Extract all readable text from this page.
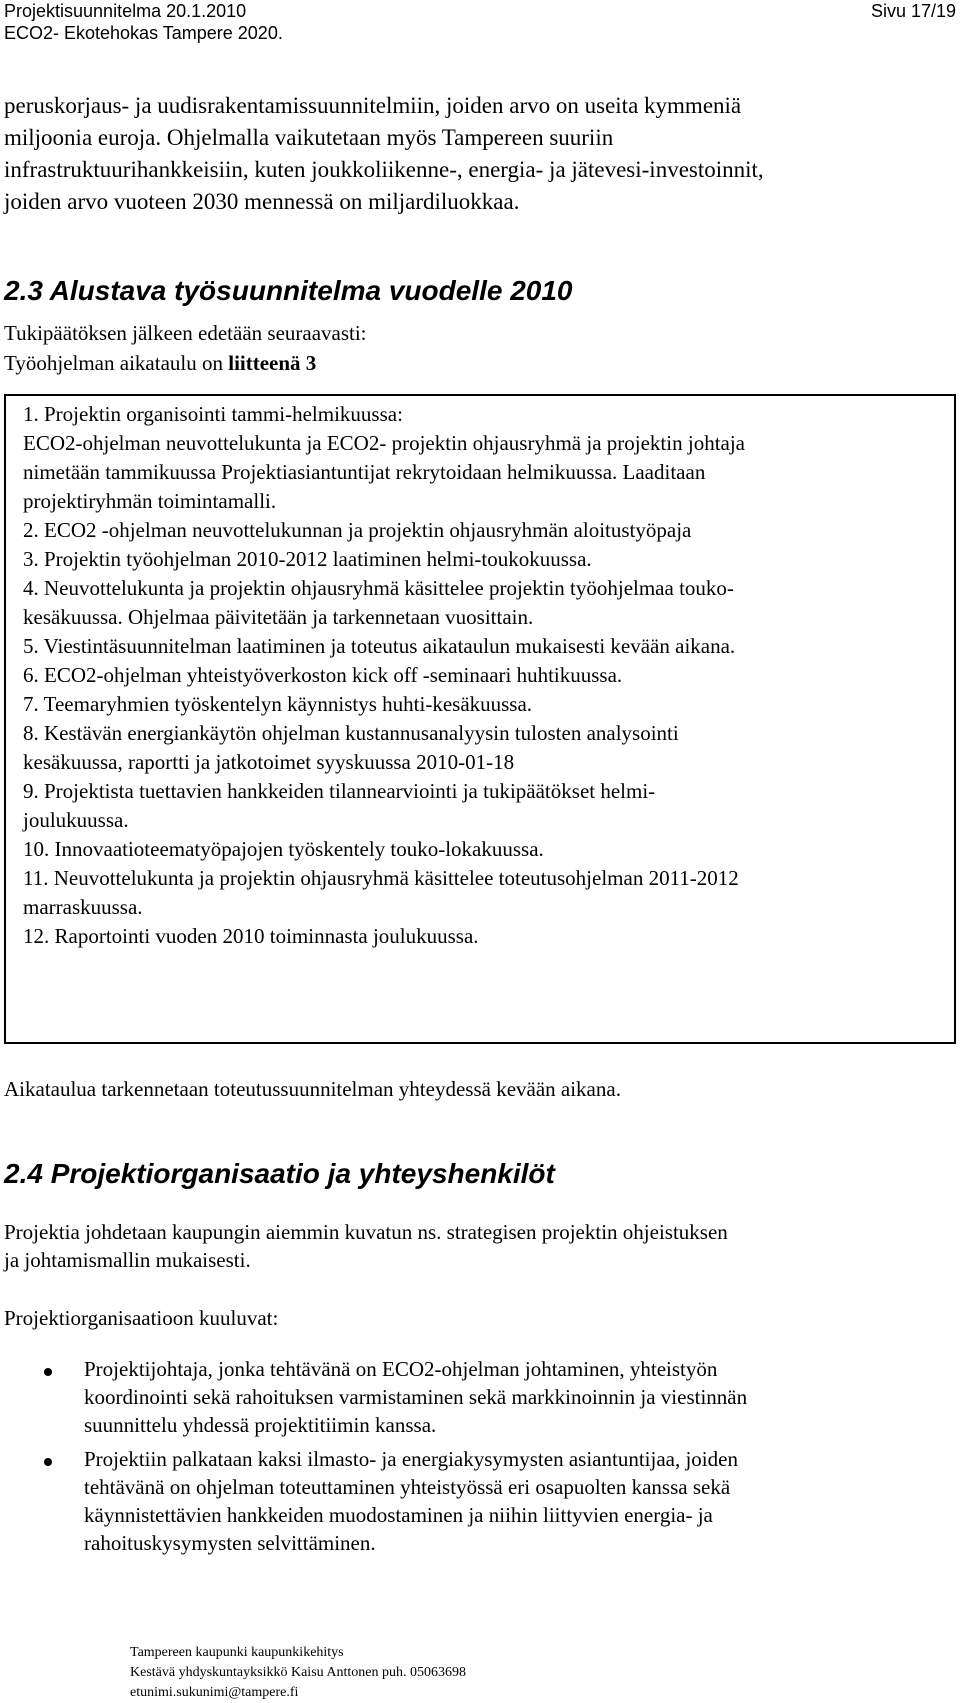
Projektisuunnitelma 20.1.2010	Sivu 17/19
ECO2- Ekotehokas Tampere 2020.
peruskorjaus- ja uudisrakentamissuunnitelmiin, joiden arvo on useita kymmeniä
miljoonia euroja. Ohjelmalla vaikutetaan myös Tampereen suuriin
infrastruktuurihankkeisiin, kuten joukkoliikenne-, energia- ja jätevesi-investoinnit,
joiden arvo vuoteen 2030 mennessä on miljardiluokkaa.
2.3 Alustava työsuunnitelma vuodelle 2010
Tukipäätöksen jälkeen edetään seuraavasti:
Työohjelman aikataulu on liitteenä 3
1. Projektin organisointi tammi-helmikuussa:
ECO2-ohjelman neuvottelukunta ja ECO2- projektin ohjausryhmä ja projektin johtaja
nimetään tammikuussa Projektiasiantuntijat rekrytoidaan helmikuussa. Laaditaan
projektiryhmän toimintamalli.
2. ECO2 -ohjelman neuvottelukunnan ja projektin ohjausryhmän aloitustyöpaja
3. Projektin työohjelman 2010-2012 laatiminen helmi-toukokuussa.
4. Neuvottelukunta ja projektin ohjausryhmä käsittelee projektin työohjelmaa touko-
kesäkuussa. Ohjelmaa päivitetään ja tarkennetaan vuosittain.
5. Viestintäsuunnitelman laatiminen ja toteutus aikataulun mukaisesti kevään aikana.
6. ECO2-ohjelman yhteistyöverkoston kick off -seminaari huhtikuussa.
7. Teemaryhmien työskentelyn käynnistys huhti-kesäkuussa.
8. Kestävän energiankäytön ohjelman kustannusanalyysin tulosten analysointi
kesäkuussa, raportti ja jatkotoimet syyskuussa 2010-01-18
9. Projektista tuettavien hankkeiden tilannearviointi ja tukipäätökset helmi-
joulukuussa.
10. Innovaatioteematyöpajojen työskentely touko-lokakuussa.
11. Neuvottelukunta ja projektin ohjausryhmä käsittelee toteutusohjelman 2011-2012
marraskuussa.
12. Raportointi vuoden 2010 toiminnasta joulukuussa.
Aikataulua tarkennetaan toteutussuunnitelman yhteydessä kevään aikana.
2.4 Projektiorganisaatio ja yhteyshenkilöt
Projektia johdetaan kaupungin aiemmin kuvatun ns. strategisen projektin ohjeistuksen
ja johtamismallin mukaisesti.
Projektiorganisaatioon kuuluvat:
Projektijohtaja, jonka tehtävänä on ECO2-ohjelman johtaminen, yhteistyön
koordinointi sekä rahoituksen varmistaminen sekä markkinoinnin ja viestinnän
suunnittelu yhdessä projektitiimin kanssa.
Projektiin palkataan kaksi ilmasto- ja energiakysymysten asiantuntijaa, joiden
tehtävänä on ohjelman toteuttaminen yhteistyössä eri osapuolten kanssa sekä
käynnistettävien hankkeiden muodostaminen ja niihin liittyvien energia- ja
rahoituskysymysten selvittäminen.
Tampereen kaupunki kaupunkikehitys
Kestävä yhdyskuntayksikkö Kaisu Anttonen puh. 05063698
etunimi.sukunimi@tampere.fi
